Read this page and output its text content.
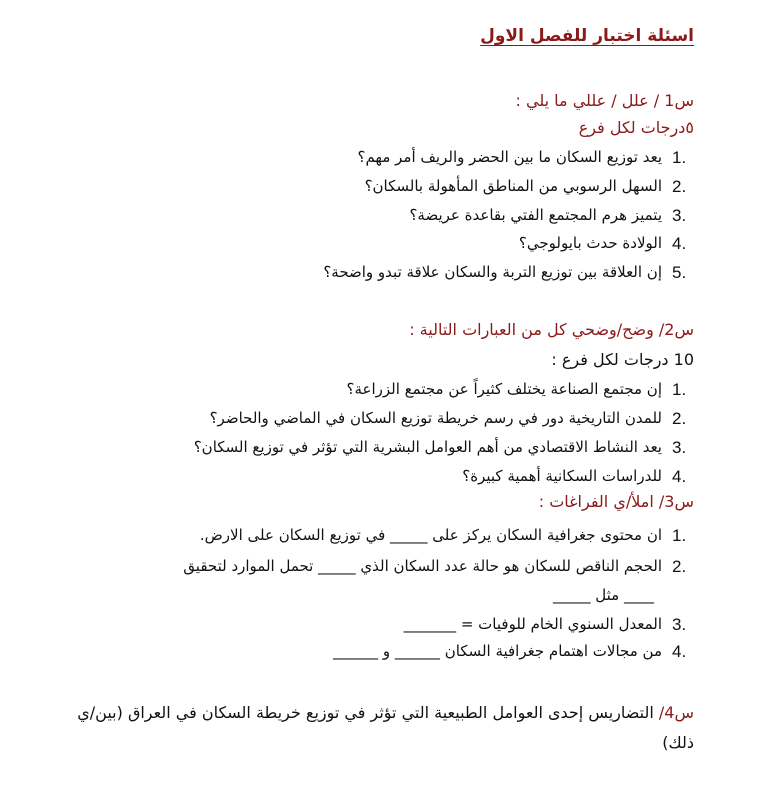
اسئلة اختبار للفصل الاول
س1 / علل / عللي ما يلي :
٥درجات لكل فرع
1.
يعد توزيع السكان ما بين الحضر والريف أمر مهم؟
2.
السهل الرسوبي من المناطق المأهولة بالسكان؟
3.
يتميز هرم المجتمع الفتي بقاعدة عريضة؟
4.
الولادة حدث بايولوجي؟
5.
إن العلاقة بين توزيع التربة والسكان علاقة تبدو واضحة؟
س2/ وضح/وضحي كل من العبارات التالية :
10 درجات لكل فرع :
1.
إن مجتمع الصناعة يختلف كثيراً عن مجتمع الزراعة؟
2.
للمدن التاريخية دور في رسم خريطة توزيع السكان في الماضي والحاضر؟
3.
يعد النشاط الاقتصادي من أهم العوامل البشرية التي تؤثر في توزيع السكان؟
4.
للدراسات السكانية أهمية كبيرة؟
س3/ املأ/ي الفراغات :
1.
ان محتوى جغرافية السكان يركز على _____ في توزيع السكان على الارض.
2.
الحجم الناقص للسكان هو حالة عدد السكان الذي _____ تحمل الموارد لتحقيق
____ مثل _____
3.
المعدل السنوي الخام للوفيات = _______
4.
من مجالات اهتمام جغرافية السكان ______ و ______
س4/ التضاريس إحدى العوامل الطبيعية التي تؤثر في توزيع خريطة السكان في العراق (بين/ي ذلك)
